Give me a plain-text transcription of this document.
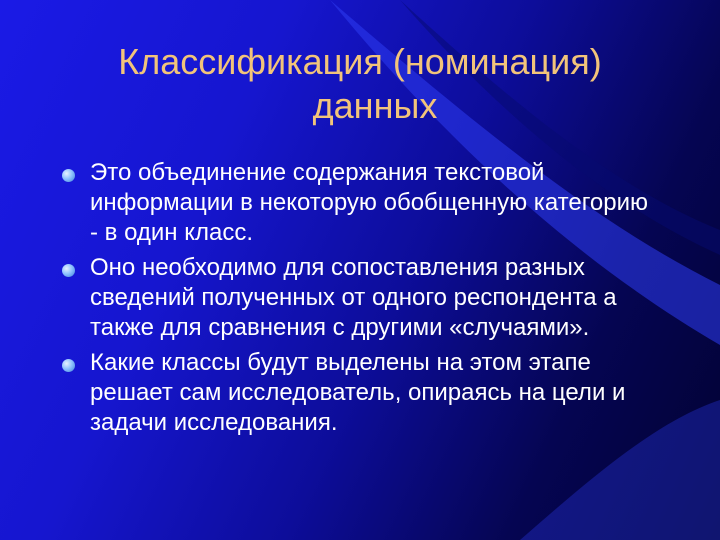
Классификация (номинация)
данных
Это объединение содержания текстовой информации в некоторую обобщенную категорию - в один класс.
Оно необходимо для сопоставления разных сведений полученных от одного респондента а также для сравнения с другими «случаями».
Какие классы будут выделены на этом этапе решает сам исследователь, опираясь на цели и задачи исследования.
